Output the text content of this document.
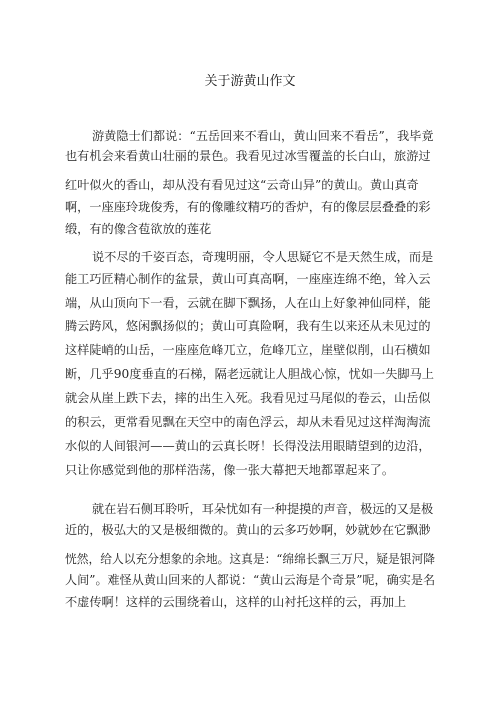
关于游黄山作文
游黄隐士们都说：“五岳回来不看山，黄山回来不看岳”，我毕竟
也有机会来看黄山壮丽的景色。我看见过冰雪覆盖的长白山，旅游过
红叶似火的香山，却从没有看见过这“云奇山异”的黄山。黄山真奇
啊，一座座玲珑俊秀，有的像雕纹精巧的香炉，有的像层层叠叠的彩
缎，有的像含苞欲放的莲花
说不尽的千姿百态，奇瑰明丽，令人思疑它不是天然生成，而是
能工巧匠精心制作的盆景，黄山可真高啊，一座座连绵不绝，耸入云
端，从山顶向下一看，云就在脚下飘扬，人在山上好象神仙同样，能
腾云跨风，悠闲飘扬似的；黄山可真险啊，我有生以来还从未见过的
这样陡峭的山岳，一座座危峰兀立，危峰兀立，崖壁似削，山石横如
断，几乎90度垂直的石梯，隔老远就让人胆战心惊，忧如一失脚马上
就会从崖上跌下去，摔的出生入死。我看见过马尾似的卷云，山岳似
的积云，更常看见飘在天空中的南色浮云，却从未看见过这样淘淘流
水似的人间银河——黄山的云真长呀！长得没法用眼睛望到的边沿，
只让你感觉到他的那样浩荡，像一张大幕把天地都罩起来了。
就在岩石侧耳聆听，耳朵忧如有一种提摸的声音，极远的又是极
近的，极弘大的又是极细微的。黄山的云多巧妙啊，妙就妙在它飘渺
恍然，给人以充分想象的余地。这真是：“绵绵长飘三万尺，疑是银河降
人间”。难怪从黄山回来的人都说：“黄山云海是个奇景”呢，确实是名
不虚传啊！这样的云围绕着山，这样的山衬托这样的云，再加上
